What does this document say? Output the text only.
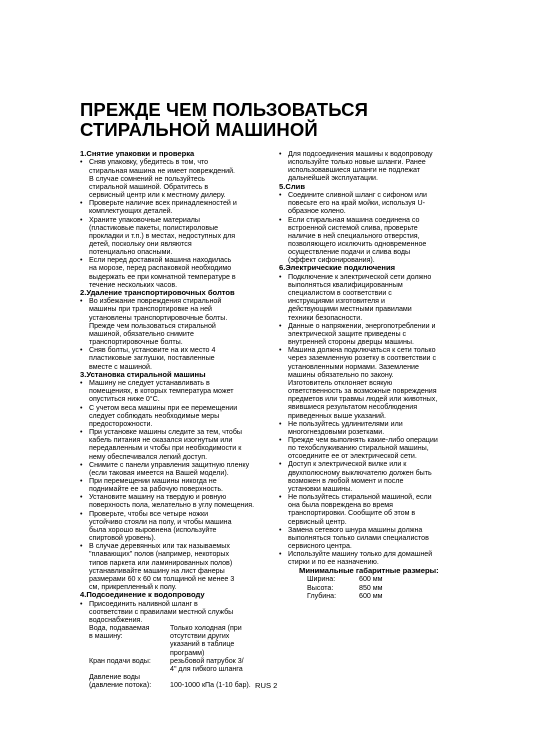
ПРЕЖДЕ ЧЕМ ПОЛЬЗОВАТЬСЯ
СТИРАЛЬНОЙ МАШИНОЙ
1.Снятие упаковки и проверка
• Сняв упаковку, убедитесь в том, что
стиральная машина не имеет повреждений.
В случае сомнений не пользуйтесь
стиральной машиной. Обратитесь в
сервисный центр или к местному дилеру.
• Проверьте наличие всех принадлежностей и
комплектующих деталей.
• Храните упаковочные материалы
(пластиковые пакеты, полистироловые
прокладки и т.п.) в местах, недоступных для
детей, поскольку они являются
потенциально опасными.
• Если перед доставкой машина находилась
на морозе, перед распаковкой необходимо
выдержать ее при комнатной температуре в
течение нескольких часов.
2.Удаление транспортировочных болтов
• Во избежание повреждения стиральной
машины при транспортировке на ней
установлены транспортировочные болты.
Прежде чем пользоваться стиральной
машиной, обязательно снимите
транспортировочные болты.
• Сняв болты, установите на их место 4
пластиковые заглушки, поставленные
вместе с машиной.
3.Установка стиральной машины
• Машину не следует устанавливать в
помещениях, в которых температура может
опуститься ниже 0°С.
• С учетом веса машины при ее перемещении
следует соблюдать необходимые меры
предосторожности.
• При установке машины следите за тем, чтобы
кабель питания не оказался изогнутым или
передавленным и чтобы при необходимости к
нему обеспечивался легкий доступ.
• Снимите с панели управления защитную пленку
(если таковая имеется на Вашей модели).
• При перемещении машины никогда не
поднимайте ее за рабочую поверхность.
• Установите машину на твердую и ровную
поверхность пола, желательно в углу помещения.
• Проверьте, чтобы все четыре ножки
устойчиво стояли на полу, и чтобы машина
была хорошо выровнена (используйте
спиртовой уровень).
• В случае деревянных или так называемых
"плавающих" полов (например, некоторых
типов паркета или ламинированных полов)
устанавливайте машину на лист фанеры
размерами 60 x 60 см толщиной не менее 3
см, прикрепленный к полу.
4.Подсоединение к водопроводу
• Присоединить наливной шланг в
соответствии с правилами местной службы
водоснабжения.
Вода, подаваемая
в машину:
Только холодная (при
отсутствии других
указаний в таблице
программ)
Кран подачи воды:	резьбовой патрубок 3/
4" для гибкого шланга
Давление воды
(давление потока):
	100-1000 кПа (1-10 бар).
• Для подсоединения машины к водопроводу
используйте только новые шланги. Ранее
использовавшиеся шланги не подлежат
дальнейшей эксплуатации.
5.Слив
• Соедините сливной шланг с сифоном или
повесьте его на край мойки, используя U-
образное колено.
• Если стиральная машина соединена со
встроенной системой слива, проверьте
наличие в ней специального отверстия,
позволяющего исключить одновременное
осуществление подачи и слива воды
(эффект сифонирования).
6.Электрические подключения
• Подключение к электрической сети должно
выполняться квалифицированным
специалистом в соответствии с
инструкциями изготовителя и
действующими местными правилами
техники безопасности.
• Данные о напряжении, энергопотреблении и
электрической защите приведены с
внутренней стороны дверцы машины.
• Машина должна подключаться к сети только
через заземленную розетку в соответствии с
установленными нормами. Заземление
машины обязательно по закону.
Изготовитель отклоняет всякую
ответственность за возможные повреждения
предметов или травмы людей или животных,
явившиеся результатом несоблюдения
приведенных выше указаний.
• Не пользуйтесь удлинителями или
многогнездовыми розетками.
• Прежде чем выполнять какие-либо операции
по техобслуживанию стиральной машины,
отсоедините ее от электрической сети.
• Доступ к электрической вилке или к
двухполюсному выключателю должен быть
возможен в любой момент и после
установки машины.
• Не пользуйтесь стиральной машиной, если
она была повреждена во время
транспортировки. Сообщите об этом в
сервисный центр.
• Замена сетевого шнура машины должна
выполняться только силами специалистов
сервисного центра.
• Используйте машину только для домашней
стирки и по ее назначению.
Минимальные габаритные размеры:
Ширина:	600 мм
Высота:	850 мм
Глубина:	600 мм
RUS 2
